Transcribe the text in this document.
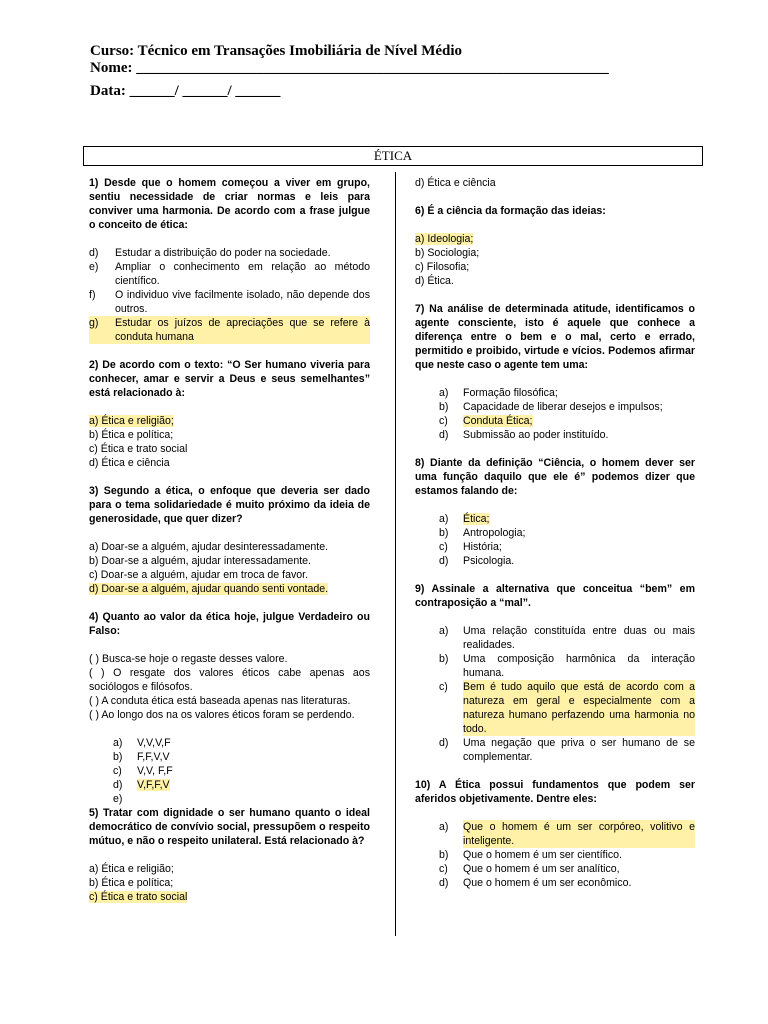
Curso: Técnico em Transações Imobiliária de Nível Médio
Nome: _______________________________________________________________
Data: ______/ ______/ ______
ÉTICA

1) Desde que o homem começou a viver em grupo, sentiu necessidade de criar normas e leis para conviver uma harmonia. De acordo com a frase julgue o conceito de ética:

d)	Estudar a distribuição do poder na sociedade.
e)	Ampliar o conhecimento em relação ao método científico.
f)	O individuo vive facilmente isolado, não depende dos outros.
g)	Estudar os juízos de apreciações que se refere à conduta humana

2) De acordo com o texto: “O Ser humano viveria para conhecer, amar e servir a Deus e seus semelhantes” está relacionado à:

a) Ética e religião;
b) Ética e política;
c) Ética e trato social
d) Ética e ciência

3) Segundo a ética, o enfoque que deveria ser dado para o tema solidariedade é muito próximo da ideia de generosidade, que quer dizer?

a) Doar-se a alguém, ajudar desinteressadamente.
b) Doar-se a alguém, ajudar interessadamente.
c) Doar-se a alguém, ajudar em troca de favor.
d) Doar-se a alguém, ajudar quando senti vontade.

4) Quanto ao valor da ética hoje, julgue Verdadeiro ou Falso:

( ) Busca-se hoje o regaste desses valore.
( ) O resgate dos valores éticos cabe apenas aos sociólogos e filósofos.
( ) A conduta ética está baseada apenas nas literaturas.
( ) Ao longo dos na os valores éticos foram se perdendo.
a)	V,V,V,F
b)	F,F,V,V
c)	V,V, F,F
d)	V,F,F,V
e)

5) Tratar com dignidade o ser humano quanto o ideal democrático de convívio social, pressupõem o respeito mútuo, e não o respeito unilateral. Está relacionado à?

a) Ética e religião;
b) Ética e política;
c) Ética e trato social
d) Ética e ciência

6) É a ciência da formação das ideias:

a) Ideologia;
b) Sociologia;
c) Filosofia;
d) Ética.

7) Na análise de determinada atitude, identificamos o agente consciente, isto é aquele que conhece a diferença entre o bem e o mal, certo e errado, permitido e proibido, virtude e vícios. Podemos afirmar que neste caso o agente tem uma:

a)	Formação filosófica;
b)	Capacidade de liberar desejos e impulsos;
c)	Conduta Ética;
d)	Submissão ao poder instituído.

8) Diante da definição “Ciência, o homem dever ser uma função daquilo que ele é” podemos dizer que estamos falando de:

a)	Ética;
b)	Antropologia;
c)	História;
d)	Psicologia.

9) Assinale a alternativa que conceitua “bem” em contraposição a “mal”.

a)	Uma relação constituída entre duas ou mais realidades.
b)	Uma composição harmônica da interação humana.
c)	Bem é tudo aquilo que está de acordo com a natureza em geral e especialmente com a natureza humano perfazendo uma harmonia no todo.
d)	Uma negação que priva o ser humano de se complementar.

10) A Ética possui fundamentos que podem ser aferidos objetivamente. Dentre eles:

a)	Que o homem é um ser corpóreo, volitivo e inteligente.
b)	Que o homem é um ser científico.
c)	Que o homem é um ser analítico,
d)	Que o homem é um ser econômico.
